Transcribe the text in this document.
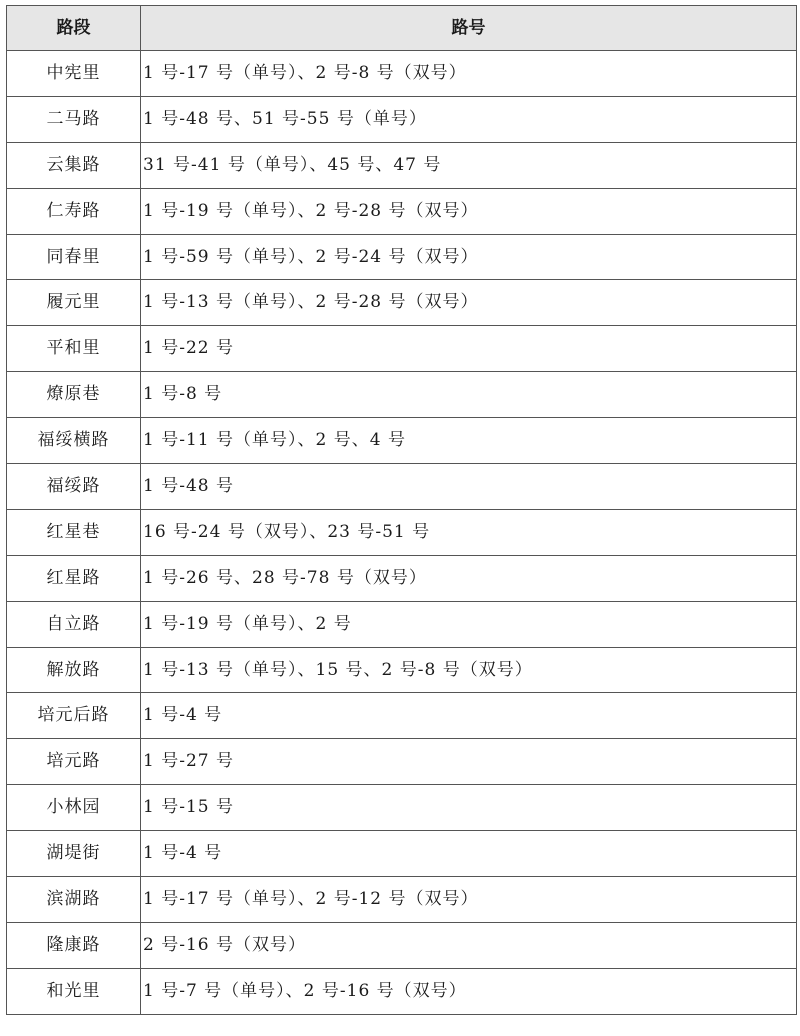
路段	路号
中宪里	1 号-17 号（单号）、2 号-8 号（双号）
二马路	1 号-48 号、51 号-55 号（单号）
云集路	31 号-41 号（单号）、45 号、47 号
仁寿路	1 号-19 号（单号）、2 号-28 号（双号）
同春里	1 号-59 号（单号）、2 号-24 号（双号）
履元里	1 号-13 号（单号）、2 号-28 号（双号）
平和里	1 号-22 号
燎原巷	1 号-8 号
福绥横路	1 号-11 号（单号）、2 号、4 号
福绥路	1 号-48 号
红星巷	16 号-24 号（双号）、23 号-51 号
红星路	1 号-26 号、28 号-78 号（双号）
自立路	1 号-19 号（单号）、2 号
解放路	1 号-13 号（单号）、15 号、2 号-8 号（双号）
培元后路	1 号-4 号
培元路	1 号-27 号
小林园	1 号-15 号
湖堤街	1 号-4 号
滨湖路	1 号-17 号（单号）、2 号-12 号（双号）
隆康路	2 号-16 号（双号）
和光里	1 号-7 号（单号）、2 号-16 号（双号）
